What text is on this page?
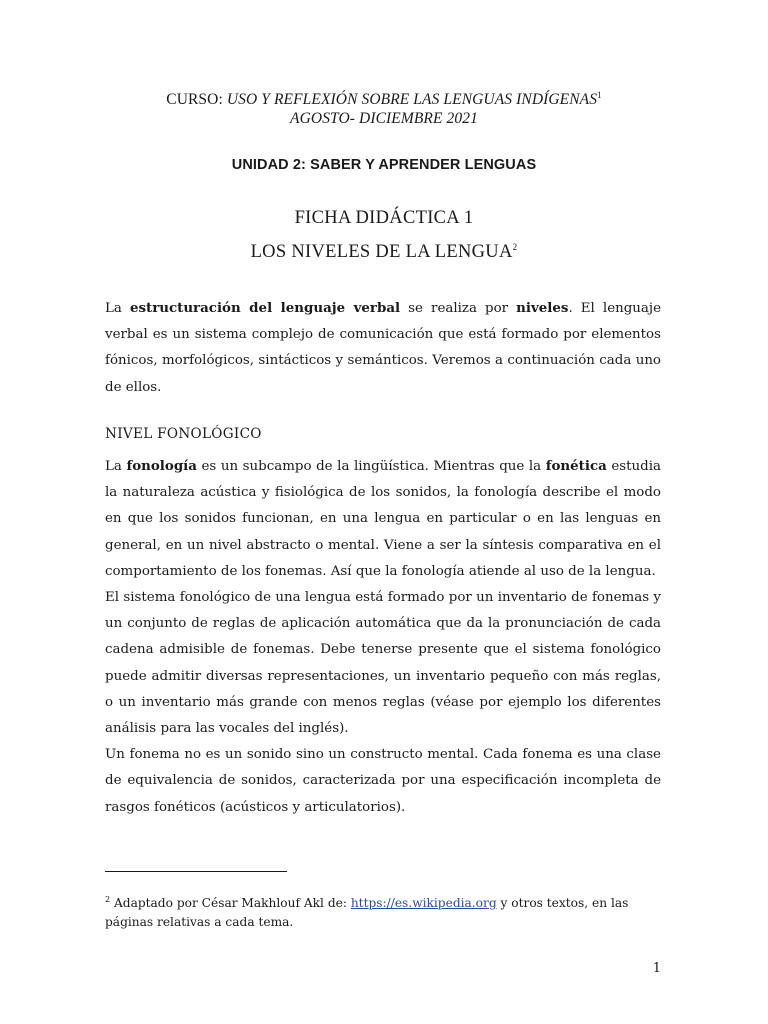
CURSO: USO Y REFLEXIÓN SOBRE LAS LENGUAS INDÍGENAS$^1$
AGOSTO- DICIEMBRE 2021
UNIDAD 2: SABER Y APRENDER LENGUAS
FICHA DIDÁCTICA 1
LOS NIVELES DE LA LENGUA$^2$

La estructuración del lenguaje verbal se realiza por niveles. El lenguaje verbal es un sistema complejo de comunicación que está formado por elementos fónicos, morfológicos, sintácticos y semánticos. Veremos a continuación cada uno de ellos.

NIVEL FONOLÓGICO

La fonología es un subcampo de la lingüística. Mientras que la fonética estudia la naturaleza acústica y fisiológica de los sonidos, la fonología describe el modo en que los sonidos funcionan, en una lengua en particular o en las lenguas en general, en un nivel abstracto o mental. Viene a ser la síntesis comparativa en el comportamiento de los fonemas. Así que la fonología atiende al uso de la lengua.

El sistema fonológico de una lengua está formado por un inventario de fonemas y un conjunto de reglas de aplicación automática que da la pronunciación de cada cadena admisible de fonemas. Debe tenerse presente que el sistema fonológico puede admitir diversas representaciones, un inventario pequeño con más reglas, o un inventario más grande con menos reglas (véase por ejemplo los diferentes análisis para las vocales del inglés).

Un fonema no es un sonido sino un constructo mental. Cada fonema es una clase de equivalencia de sonidos, caracterizada por una especificación incompleta de rasgos fonéticos (acústicos y articulatorios).

$^2$ Adaptado por César Makhlouf Akl de: https://es.wikipedia.org y otros textos, en las páginas relativas a cada tema.
1
